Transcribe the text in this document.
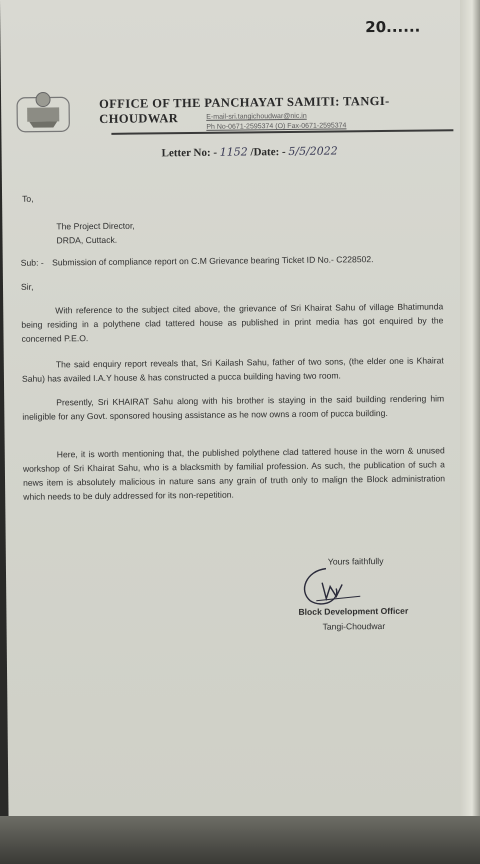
20......
OFFICE OF THE PANCHAYAT SAMITI: TANGI-CHOUDWAR	E-mail-sri.tangichoudwar@nic.in
Ph No-0671-2595374 (O) Fax-0671-2595374
Letter No: - 1152 /Date: - 5/5/2022
To,
The Project Director,
DRDA, Cuttack.
Sub: - Submission of compliance report on C.M Grievance bearing Ticket ID No.- C228502.
Sir,
With reference to the subject cited above, the grievance of Sri Khairat Sahu of village Bhatimunda being residing in a polythene clad tattered house as published in print media has got enquired by the concerned P.E.O.
The said enquiry report reveals that, Sri Kailash Sahu, father of two sons, (the elder one is Khairat Sahu) has availed I.A.Y house & has constructed a pucca building having two room.
Presently, Sri KHAIRAT Sahu along with his brother is staying in the said building rendering him ineligible for any Govt. sponsored housing assistance as he now owns a room of pucca building.
Here, it is worth mentioning that, the published polythene clad tattered house in the worn & unused workshop of Sri Khairat Sahu, who is a blacksmith by familial profession. As such, the publication of such a news item is absolutely malicious in nature sans any grain of truth only to malign the Block administration which needs to be duly addressed for its non-repetition.
Yours faithfully
Block Development Officer
Tangi-Choudwar
